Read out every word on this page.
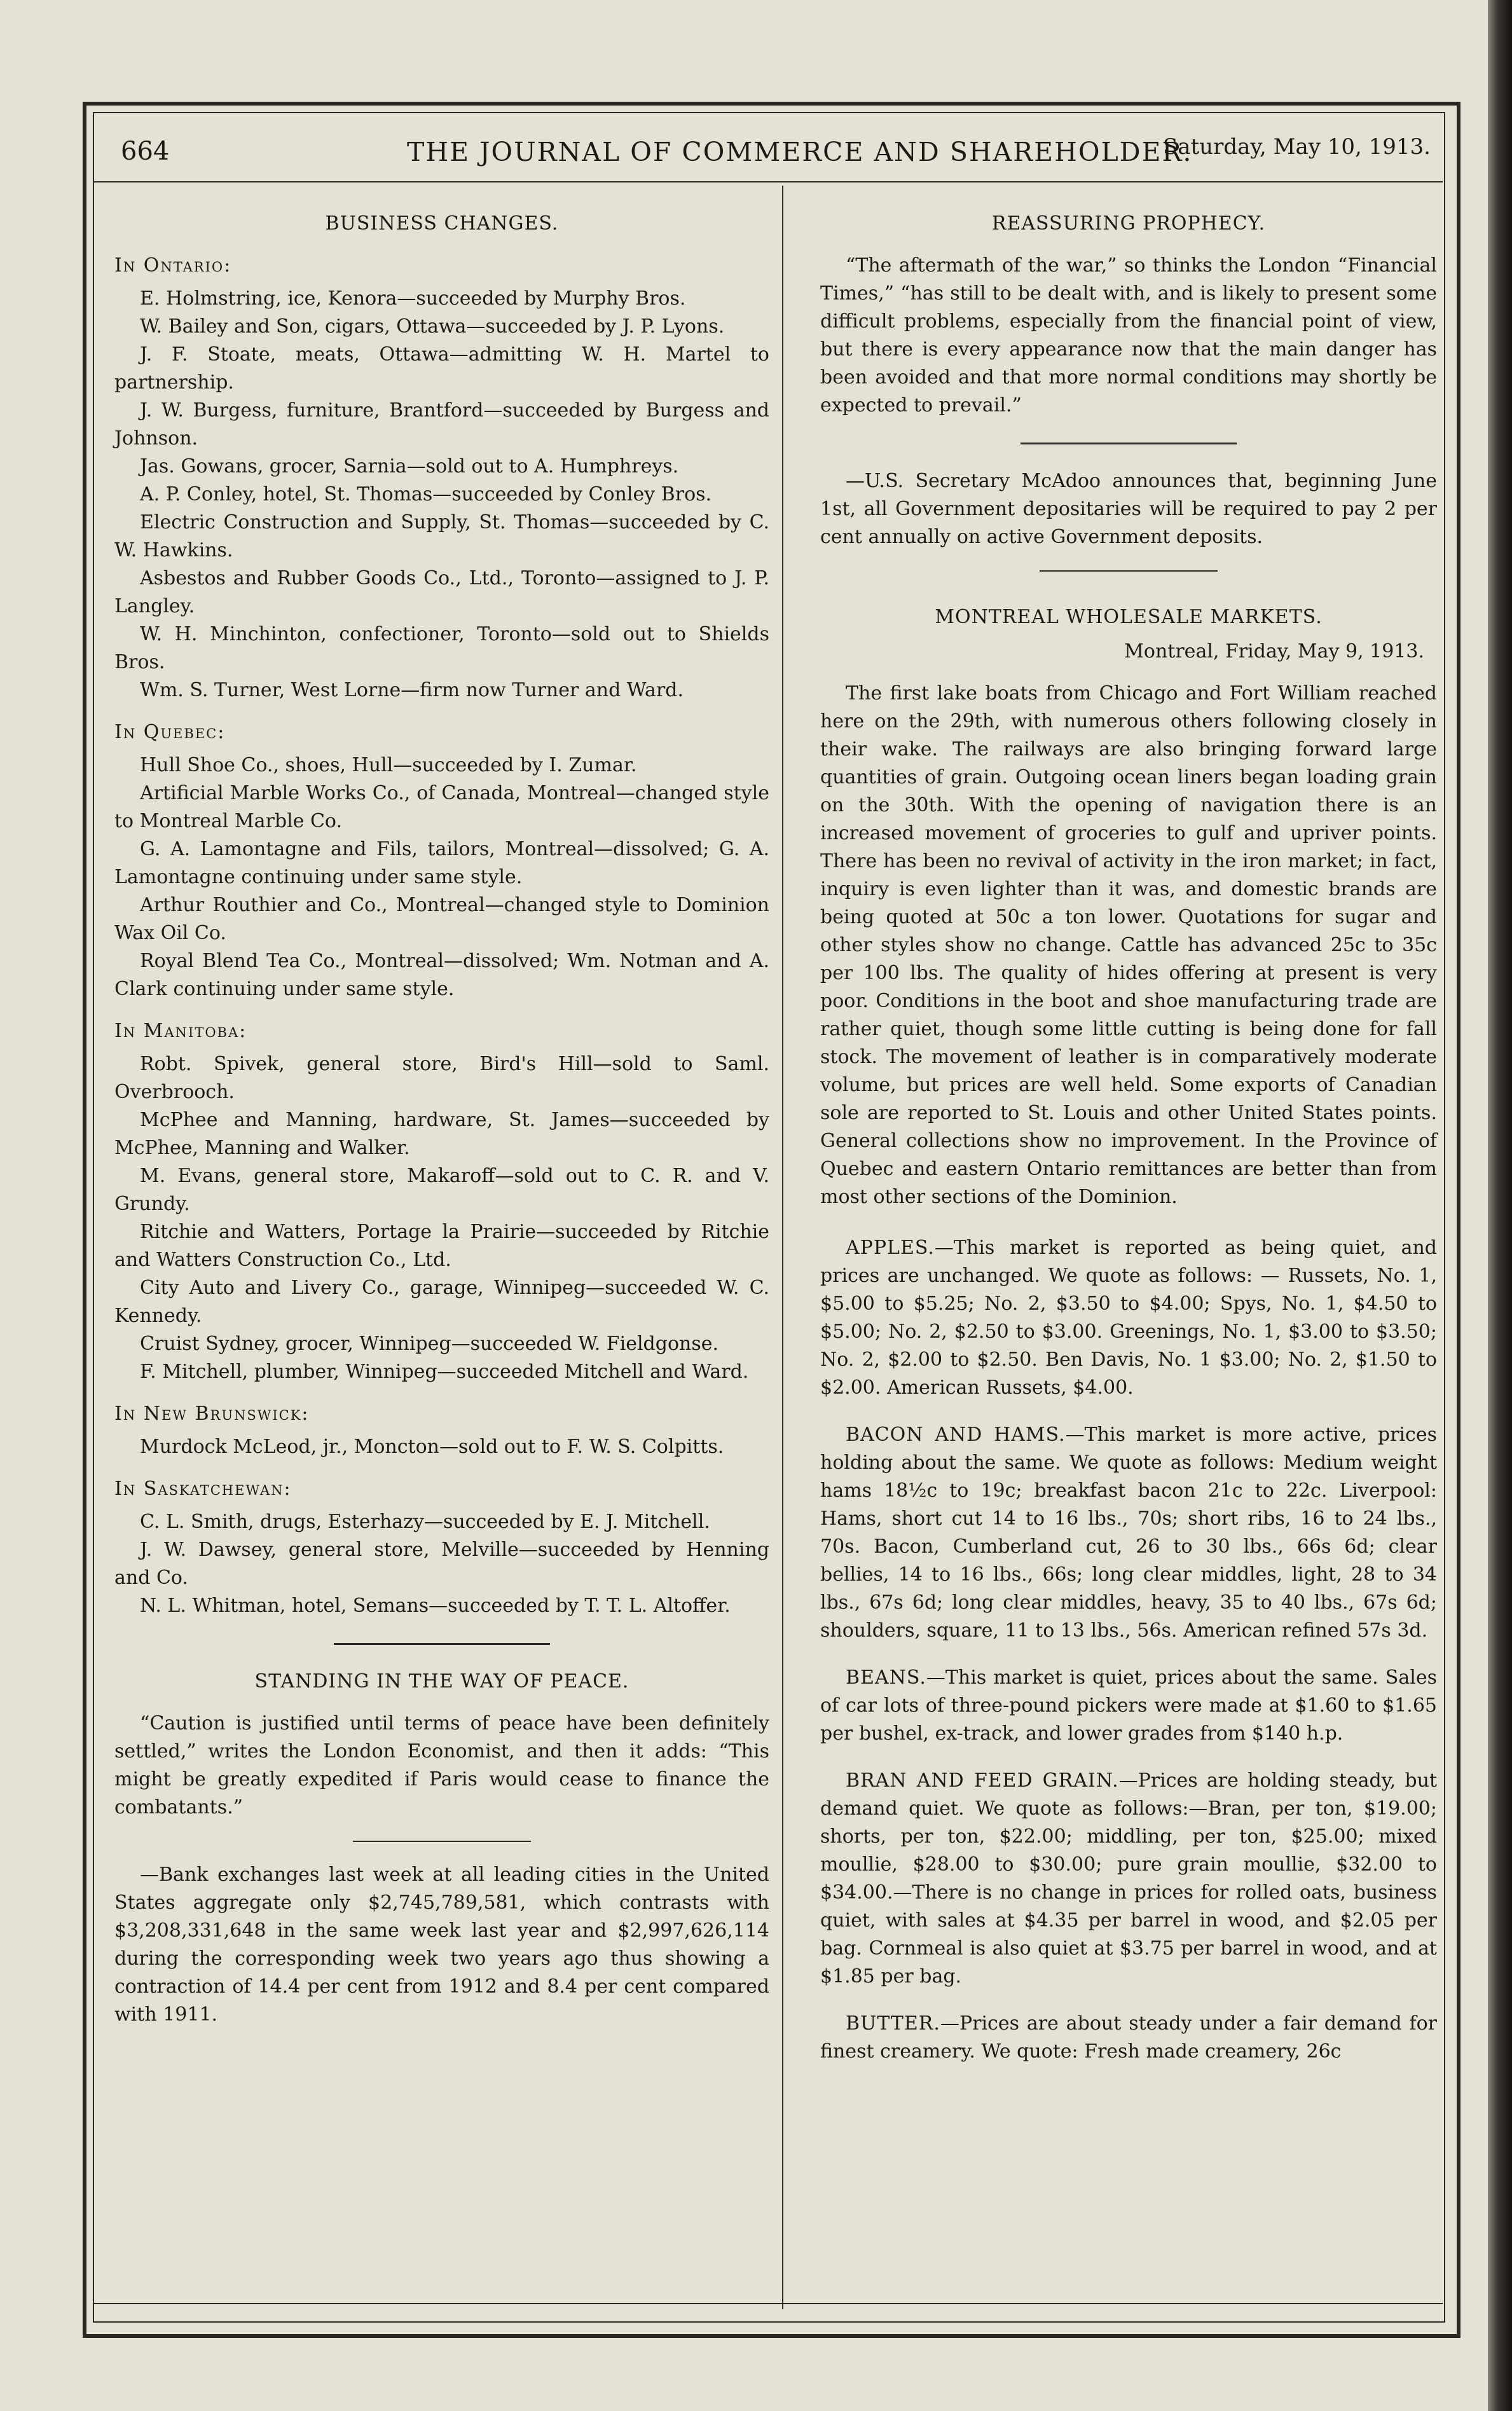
664	THE JOURNAL OF COMMERCE AND SHAREHOLDER.
Saturday, May 10, 1913.
BUSINESS CHANGES.
In Ontario:

E. Holmstring, ice, Kenora—succeeded by Murphy Bros.

W. Bailey and Son, cigars, Ottawa—succeeded by J. P. Lyons.

J. F. Stoate, meats, Ottawa—admitting W. H. Martel to partnership.

J. W. Burgess, furniture, Brantford—succeeded by Burgess and Johnson.

Jas. Gowans, grocer, Sarnia—sold out to A. Humphreys.

A. P. Conley, hotel, St. Thomas—succeeded by Conley Bros.

Electric Construction and Supply, St. Thomas—succeeded by C. W. Hawkins.

Asbestos and Rubber Goods Co., Ltd., Toronto—assigned to J. P. Langley.

W. H. Minchinton, confectioner, Toronto—sold out to Shields Bros.

Wm. S. Turner, West Lorne—firm now Turner and Ward.

In Quebec:

Hull Shoe Co., shoes, Hull—succeeded by I. Zumar.

Artificial Marble Works Co., of Canada, Montreal—changed style to Montreal Marble Co.

G. A. Lamontagne and Fils, tailors, Montreal—dissolved; G. A. Lamontagne continuing under same style.

Arthur Routhier and Co., Montreal—changed style to Dominion Wax Oil Co.

Royal Blend Tea Co., Montreal—dissolved; Wm. Notman and A. Clark continuing under same style.

In Manitoba:

Robt. Spivek, general store, Bird's Hill—sold to Saml. Overbrooch.

McPhee and Manning, hardware, St. James—succeeded by McPhee, Manning and Walker.

M. Evans, general store, Makaroff—sold out to C. R. and V. Grundy.

Ritchie and Watters, Portage la Prairie—succeeded by Ritchie and Watters Construction Co., Ltd.

City Auto and Livery Co., garage, Winnipeg—succeeded W. C. Kennedy.

Cruist Sydney, grocer, Winnipeg—succeeded W. Fieldgonse.

F. Mitchell, plumber, Winnipeg—succeeded Mitchell and Ward.

In New Brunswick:

Murdock McLeod, jr., Moncton—sold out to F. W. S. Colpitts.

In Saskatchewan:

C. L. Smith, drugs, Esterhazy—succeeded by E. J. Mitchell.

J. W. Dawsey, general store, Melville—succeeded by Henning and Co.

N. L. Whitman, hotel, Semans—succeeded by T. T. L. Altoffer.

STANDING IN THE WAY OF PEACE.

“Caution is justified until terms of peace have been definitely settled,” writes the London Economist, and then it adds: “This might be greatly expedited if Paris would cease to finance the combatants.”

—Bank exchanges last week at all leading cities in the United States aggregate only $2,745,789,581, which contrasts with $3,208,331,648 in the same week last year and $2,997,626,114 during the corresponding week two years ago thus showing a contraction of 14.4 per cent from 1912 and 8.4 per cent compared with 1911.

REASSURING PROPHECY.

“The aftermath of the war,” so thinks the London “Financial Times,” “has still to be dealt with, and is likely to present some difficult problems, especially from the financial point of view, but there is every appearance now that the main danger has been avoided and that more normal conditions may shortly be expected to prevail.”

—U.S. Secretary McAdoo announces that, beginning June 1st, all Government depositaries will be required to pay 2 per cent annually on active Government deposits.

MONTREAL WHOLESALE MARKETS.
Montreal, Friday, May 9, 1913.

The first lake boats from Chicago and Fort William reached here on the 29th, with numerous others following closely in their wake. The railways are also bringing forward large quantities of grain. Outgoing ocean liners began loading grain on the 30th. With the opening of navigation there is an increased movement of groceries to gulf and upriver points. There has been no revival of activity in the iron market; in fact, inquiry is even lighter than it was, and domestic brands are being quoted at 50c a ton lower. Quotations for sugar and other styles show no change. Cattle has advanced 25c to 35c per 100 lbs. The quality of hides offering at present is very poor. Conditions in the boot and shoe manufacturing trade are rather quiet, though some little cutting is being done for fall stock. The movement of leather is in comparatively moderate volume, but prices are well held. Some exports of Canadian sole are reported to St. Louis and other United States points. General collections show no improvement. In the Province of Quebec and eastern Ontario remittances are better than from most other sections of the Dominion.

APPLES.—This market is reported as being quiet, and prices are unchanged. We quote as follows: — Russets, No. 1, $5.00 to $5.25; No. 2, $3.50 to $4.00; Spys, No. 1, $4.50 to $5.00; No. 2, $2.50 to $3.00. Greenings, No. 1, $3.00 to $3.50; No. 2, $2.00 to $2.50. Ben Davis, No. 1 $3.00; No. 2, $1.50 to $2.00. American Russets, $4.00.

BACON AND HAMS.—This market is more active, prices holding about the same. We quote as follows: Medium weight hams 18½c to 19c; breakfast bacon 21c to 22c. Liverpool: Hams, short cut 14 to 16 lbs., 70s; short ribs, 16 to 24 lbs., 70s. Bacon, Cumberland cut, 26 to 30 lbs., 66s 6d; clear bellies, 14 to 16 lbs., 66s; long clear middles, light, 28 to 34 lbs., 67s 6d; long clear middles, heavy, 35 to 40 lbs., 67s 6d; shoulders, square, 11 to 13 lbs., 56s. American refined 57s 3d.

BEANS.—This market is quiet, prices about the same. Sales of car lots of three-pound pickers were made at $1.60 to $1.65 per bushel, ex-track, and lower grades from $140 h.p.

BRAN AND FEED GRAIN.—Prices are holding steady, but demand quiet. We quote as follows:—Bran, per ton, $19.00; shorts, per ton, $22.00; middling, per ton, $25.00; mixed moullie, $28.00 to $30.00; pure grain moullie, $32.00 to $34.00.—There is no change in prices for rolled oats, business quiet, with sales at $4.35 per barrel in wood, and $2.05 per bag. Cornmeal is also quiet at $3.75 per barrel in wood, and at $1.85 per bag.

BUTTER.—Prices are about steady under a fair demand for finest creamery. We quote: Fresh made creamery, 26c
